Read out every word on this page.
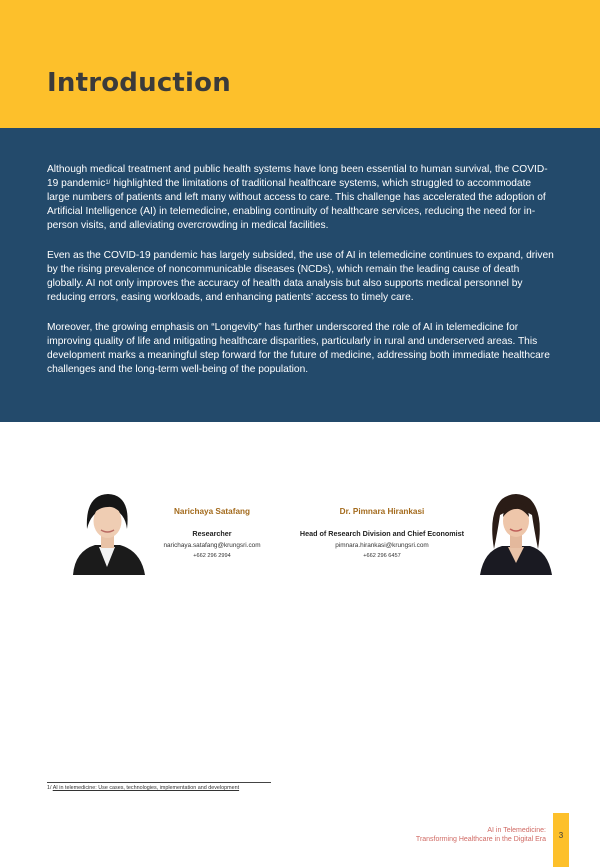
Introduction

Although medical treatment and public health systems have long been essential to human survival, the COVID-19 pandemic$^{1/}$ highlighted the limitations of traditional healthcare systems, which struggled to accommodate large numbers of patients and left many without access to care. This challenge has accelerated the adoption of Artificial Intelligence (AI) in telemedicine, enabling continuity of healthcare services, reducing the need for in-person visits, and alleviating overcrowding in medical facilities.

Even as the COVID-19 pandemic has largely subsided, the use of AI in telemedicine continues to expand, driven by the rising prevalence of noncommunicable diseases (NCDs), which remain the leading cause of death globally. AI not only improves the accuracy of health data analysis but also supports medical personnel by reducing errors, easing workloads, and enhancing patients’ access to timely care.

Moreover, the growing emphasis on “Longevity” has further underscored the role of AI in telemedicine for improving quality of life and mitigating healthcare disparities, particularly in rural and underserved areas. This development marks a meaningful step forward for the future of medicine, addressing both immediate healthcare challenges and the long-term well-being of the population.

Narichaya Satafang

Researcher

narichaya.satafang@krungsri.com

+662 296 2994

Dr. Pimnara Hirankasi

Head of Research Division and Chief Economist

pimnara.hirankasi@krungsri.com

+662 296 6457

1/ AI in telemedicine: Use cases, technologies, implementation and development

AI in Telemedicine:

Transforming Healthcare in the Digital Era	3
